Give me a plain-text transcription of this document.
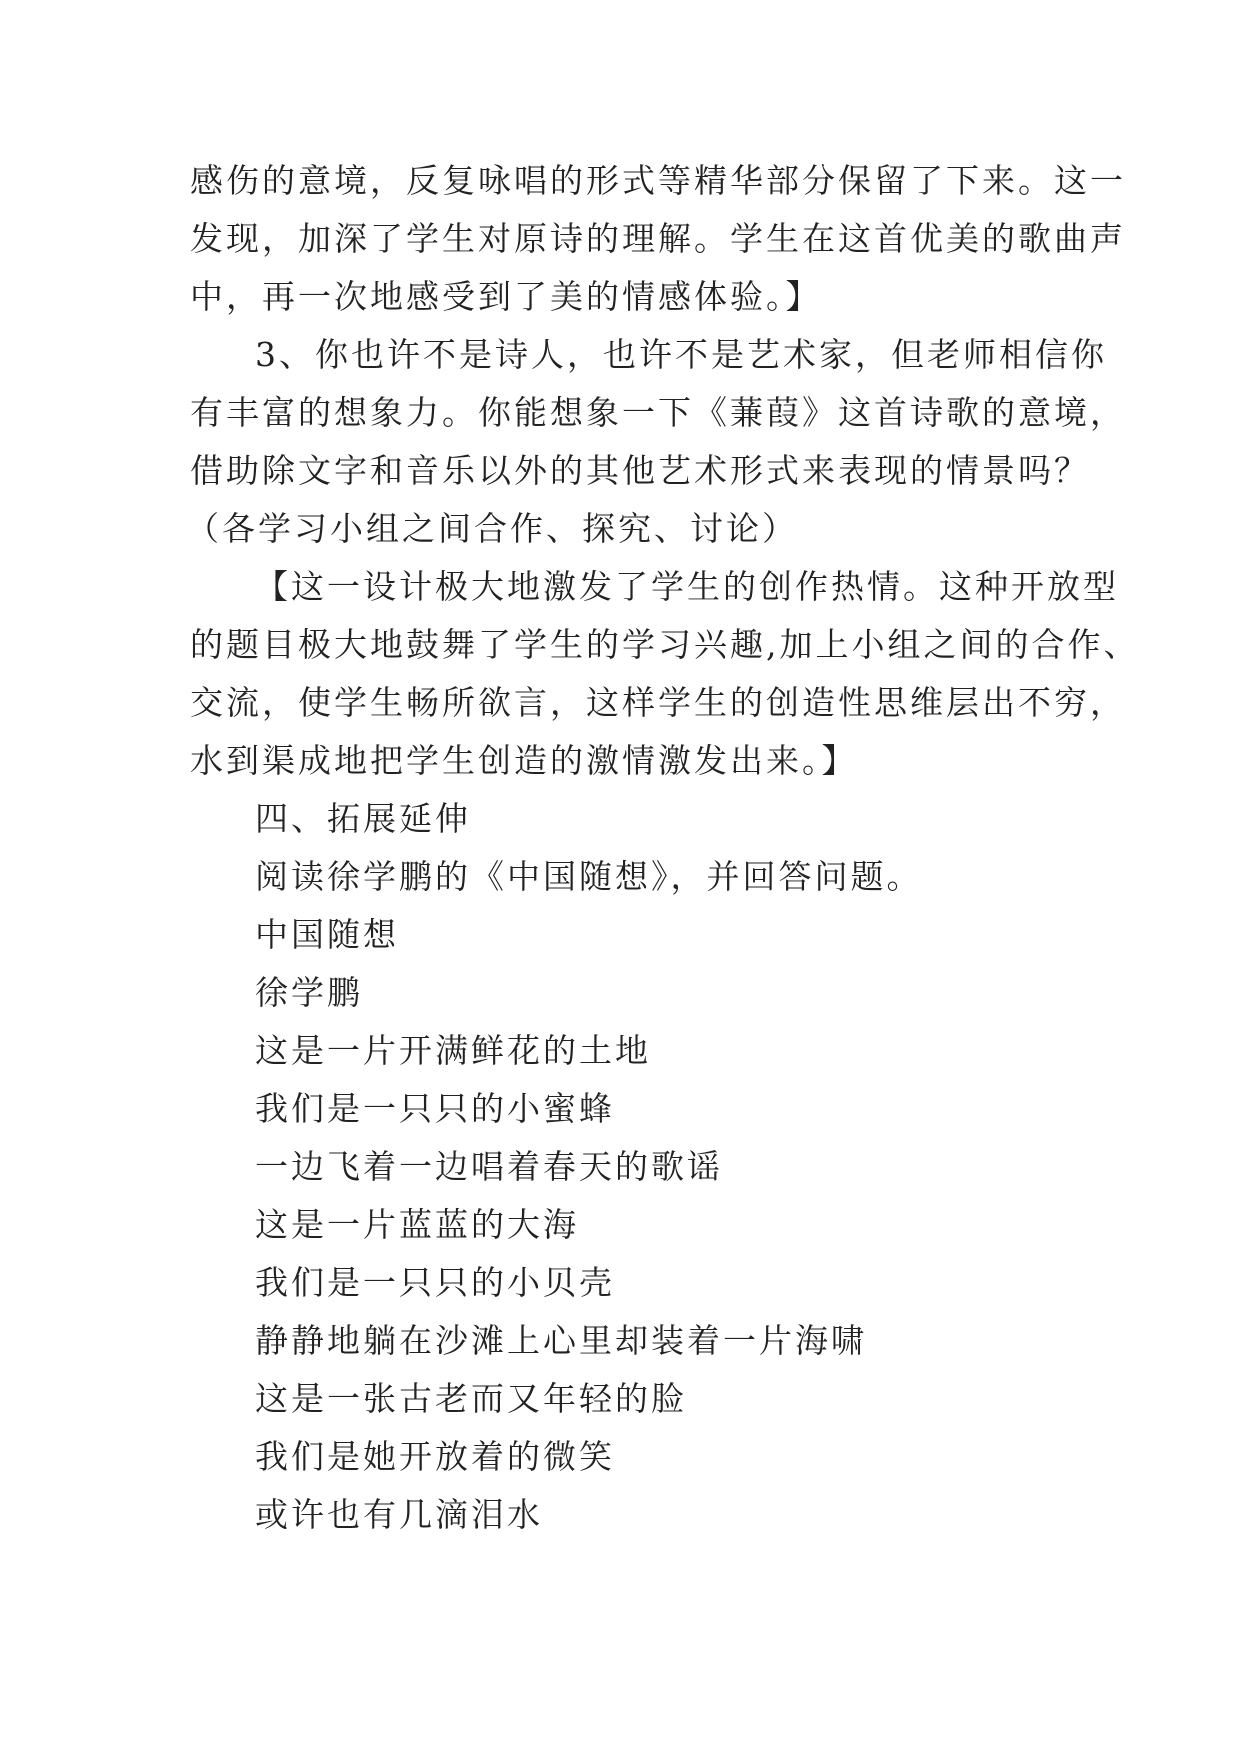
感伤的意境，反复咏唱的形式等精华部分保留了下来。这一
发现，加深了学生对原诗的理解。学生在这首优美的歌曲声
中，再一次地感受到了美的情感体验。】
3、你也许不是诗人，也许不是艺术家，但老师相信你
有丰富的想象力。你能想象一下《蒹葭》这首诗歌的意境，
借助除文字和音乐以外的其他艺术形式来表现的情景吗？
（各学习小组之间合作、探究、讨论）
【这一设计极大地激发了学生的创作热情。这种开放型
的题目极大地鼓舞了学生的学习兴趣,加上小组之间的合作、
交流，使学生畅所欲言，这样学生的创造性思维层出不穷，
水到渠成地把学生创造的激情激发出来。】
四、拓展延伸
阅读徐学鹏的《中国随想》，并回答问题。
中国随想
徐学鹏
这是一片开满鲜花的土地
我们是一只只的小蜜蜂
一边飞着一边唱着春天的歌谣
这是一片蓝蓝的大海
我们是一只只的小贝壳
静静地躺在沙滩上心里却装着一片海啸
这是一张古老而又年轻的脸
我们是她开放着的微笑
或许也有几滴泪水
